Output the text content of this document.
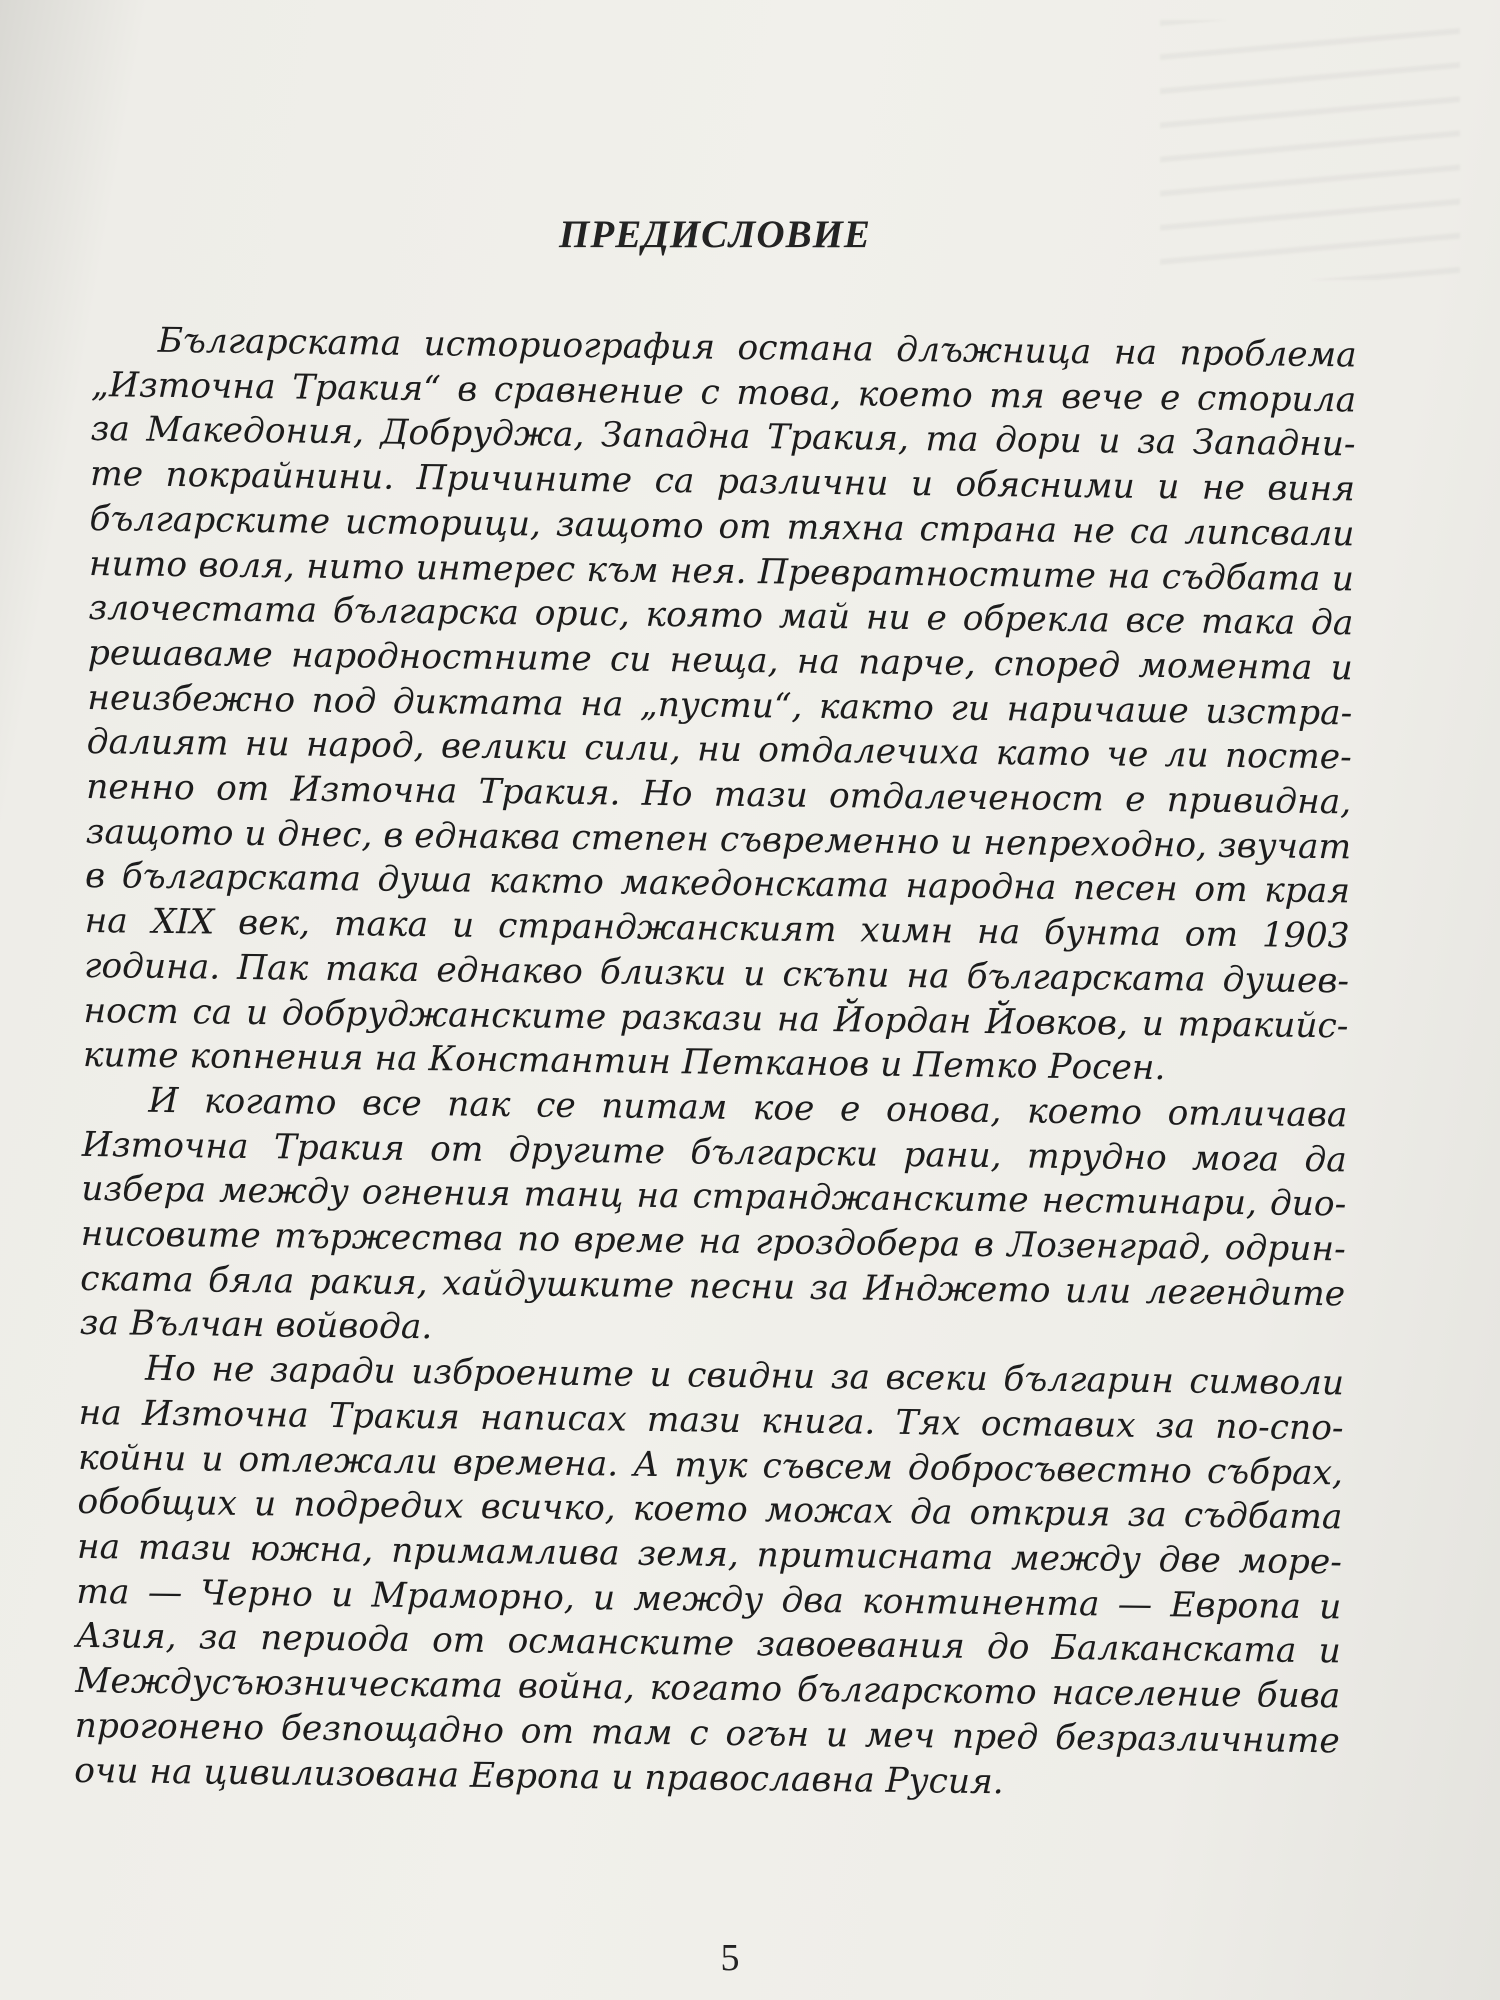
ПРЕДИСЛОВИЕ

Българската историография остана длъжница на проблема
„Източна Тракия“ в сравнение с това, което тя вече е сторила
за Македония, Добруджа, Западна Тракия, та дори и за Западни-
те покрайнини. Причините са различни и обясними и не виня
българските историци, защото от тяхна страна не са липсвали
нито воля, нито интерес към нея. Превратностите на съдбата и
злочестата българска орис, която май ни е обрекла все така да
решаваме народностните си неща, на парче, според момента и
неизбежно под диктата на „пусти“, както ги наричаше изстра-
далият ни народ, велики сили, ни отдалечиха като че ли посте-
пенно от Източна Тракия. Но тази отдалеченост е привидна,
защото и днес, в еднаква степен съвременно и непреходно, звучат
в българската душа както македонската народна песен от края
на XIX век, така и странджанският химн на бунта от 1903
година. Пак така еднакво близки и скъпи на българската душев-
ност са и добруджанските разкази на Йордан Йовков, и тракийс-
ките копнения на Константин Петканов и Петко Росен.

И когато все пак се питам кое е онова, което отличава
Източна Тракия от другите български рани, трудно мога да
избера между огнения танц на странджанските нестинари, дио-
нисовите тържества по време на гроздобера в Лозенград, одрин-
ската бяла ракия, хайдушките песни за Инджето или легендите
за Вълчан войвода.

Но не заради изброените и свидни за всеки българин символи
на Източна Тракия написах тази книга. Тях оставих за по-спо-
койни и отлежали времена. А тук съвсем добросъвестно събрах,
обобщих и подредих всичко, което можах да открия за съдбата
на тази южна, примамлива земя, притисната между две море-
та — Черно и Мраморно, и между два континента — Европа и
Азия, за периода от османските завоевания до Балканската и
Междусъюзническата война, когато българското население бива
прогонено безпощадно от там с огън и меч пред безразличните
очи на цивилизована Европа и православна Русия.

5
